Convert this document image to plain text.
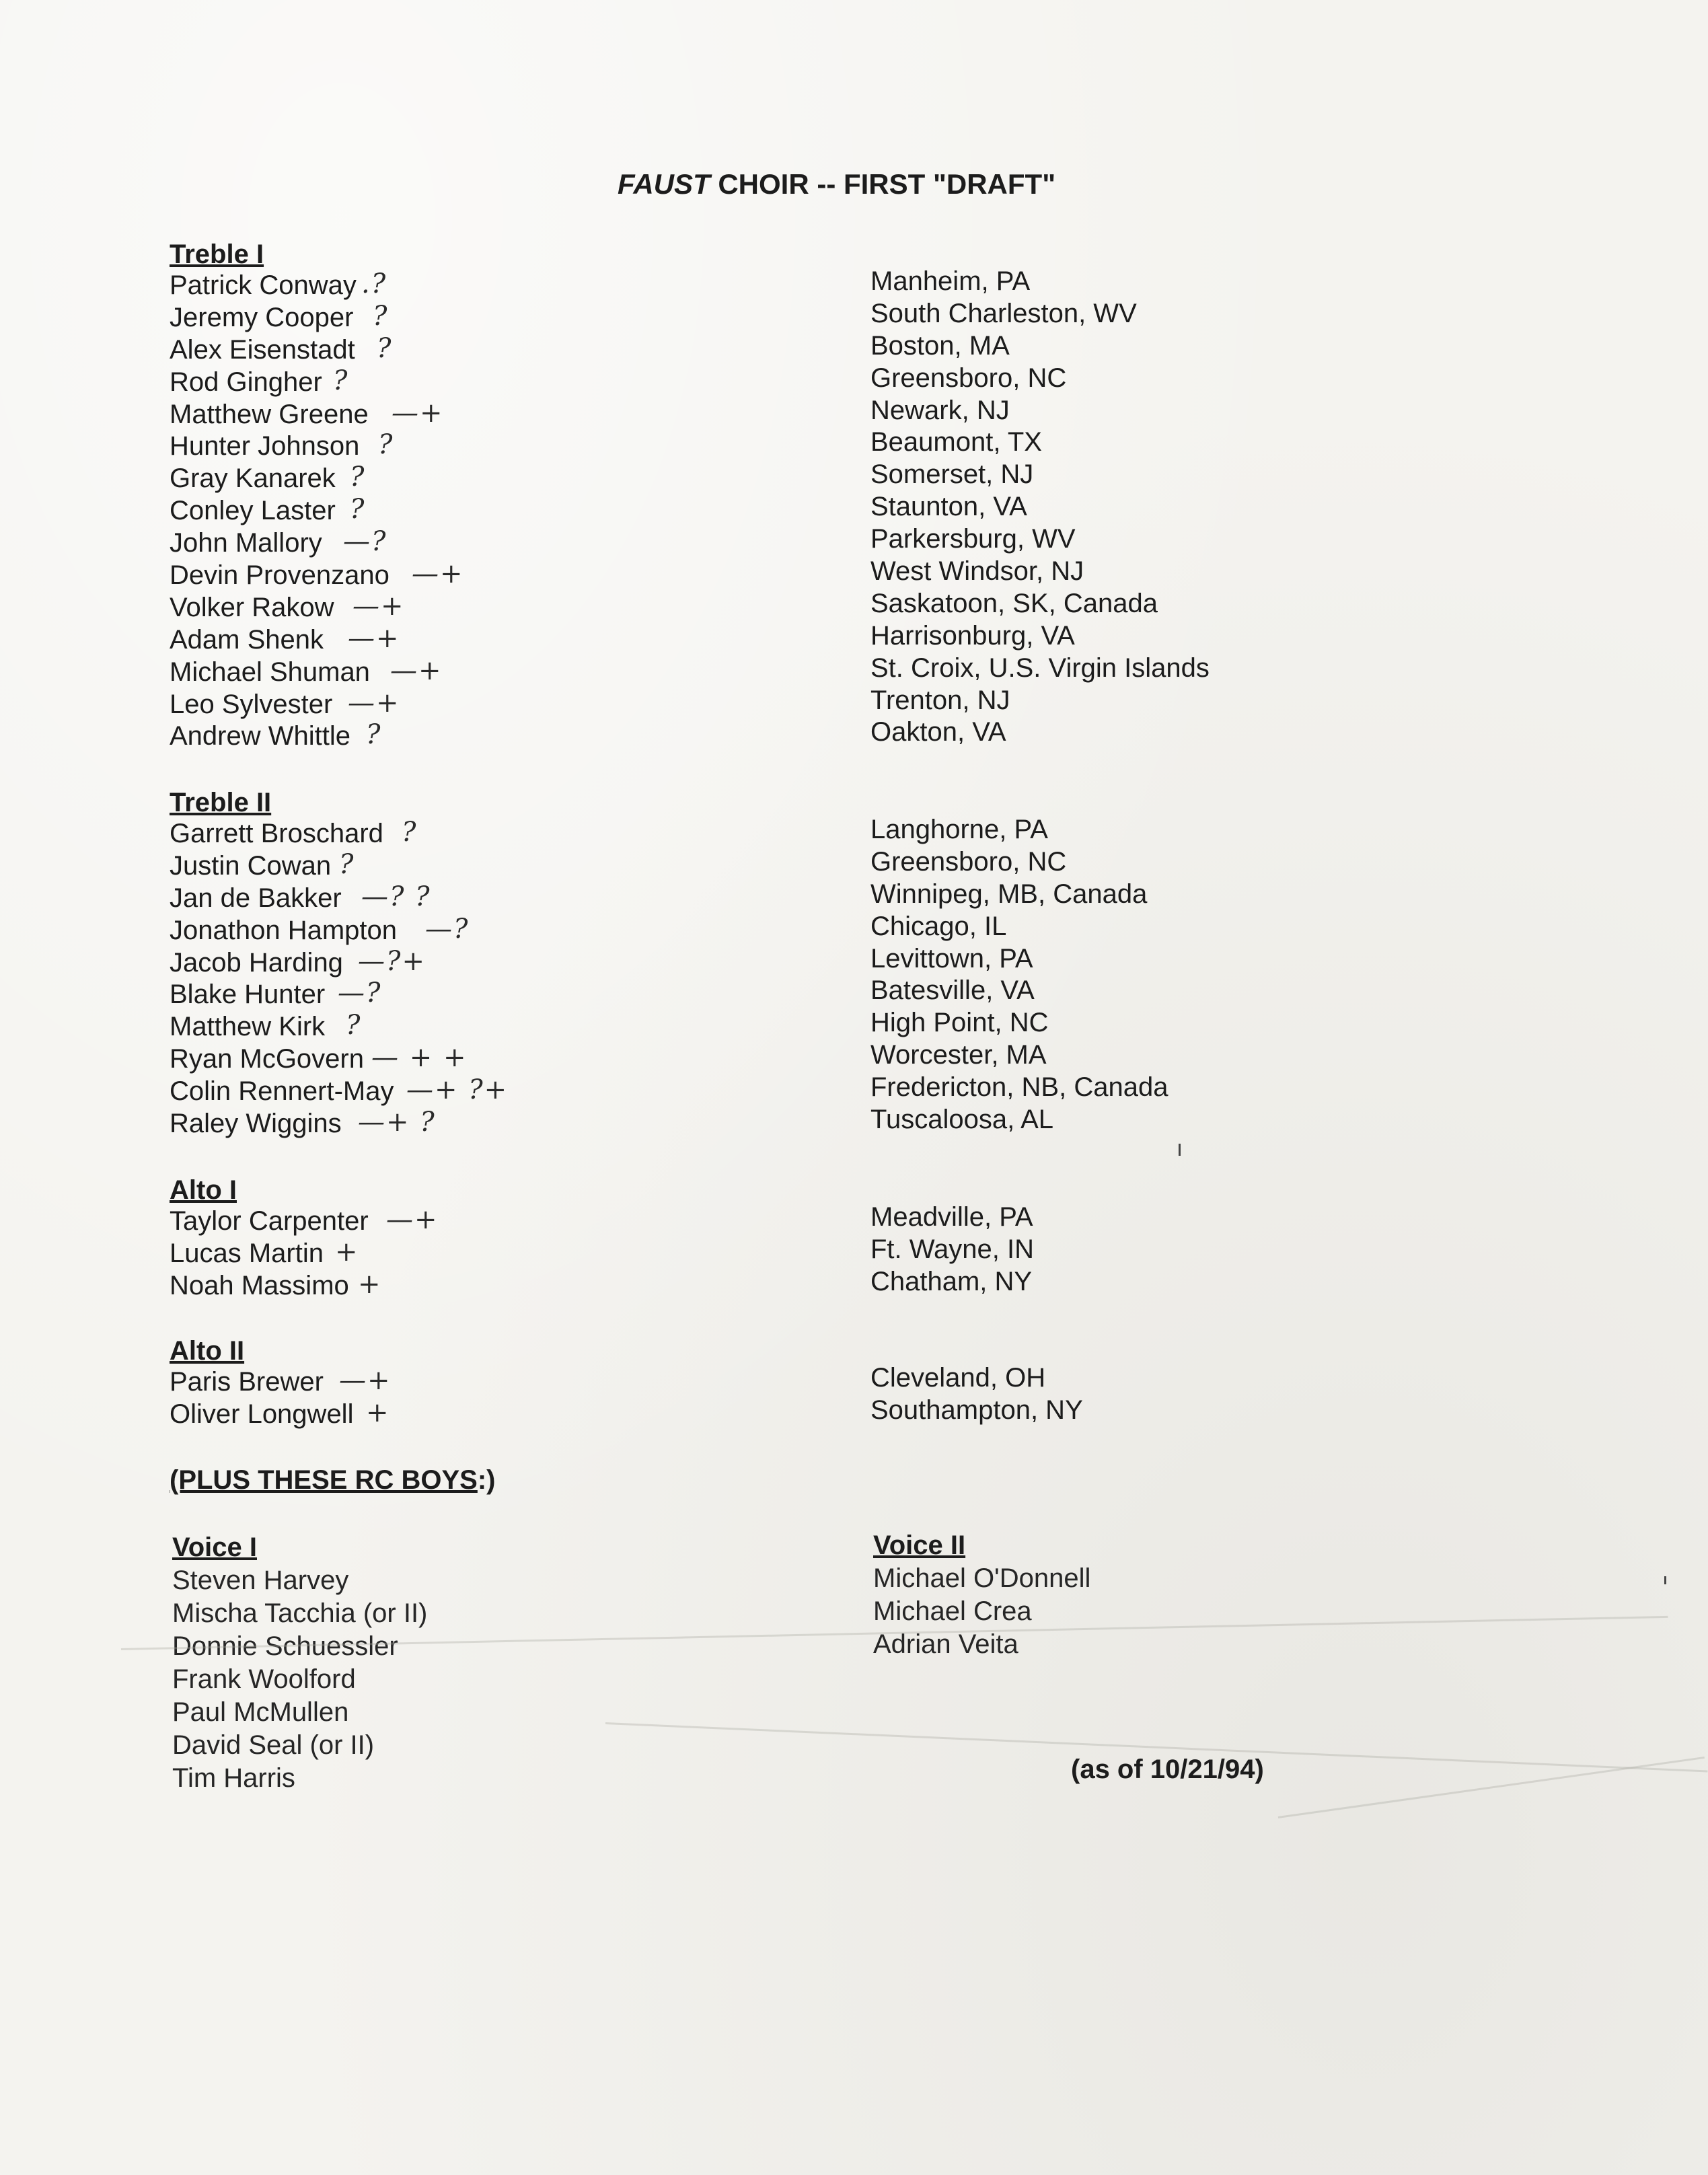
FAUST CHOIR -- FIRST "DRAFT"
Treble I
Patrick Conway .?	Manheim, PA
Jeremy Cooper ?	South Charleston, WV
Alex Eisenstadt ?	Boston, MA
Rod Gingher ?	Greensboro, NC
Matthew Greene —+	Newark, NJ
Hunter Johnson ?	Beaumont, TX
Gray Kanarek ?	Somerset, NJ
Conley Laster ?	Staunton, VA
John Mallory —?	Parkersburg, WV
Devin Provenzano —+	West Windsor, NJ
Volker Rakow —+	Saskatoon, SK, Canada
Adam Shenk —+	Harrisonburg, VA
Michael Shuman —+	St. Croix, U.S. Virgin Islands
Leo Sylvester —+	Trenton, NJ
Andrew Whittle ?	Oakton, VA
Treble II
Garrett Broschard ?	Langhorne, PA
Justin Cowan ?	Greensboro, NC
Jan de Bakker —? ?	Winnipeg, MB, Canada
Jonathon Hampton —?	Chicago, IL
Jacob Harding —?+	Levittown, PA
Blake Hunter —?	Batesville, VA
Matthew Kirk ?	High Point, NC
Ryan McGovern — + +	Worcester, MA
Colin Rennert-May —+ ?+	Fredericton, NB, Canada
Raley Wiggins —+ ?	Tuscaloosa, AL
Alto I
Taylor Carpenter —+	Meadville, PA
Lucas Martin +	Ft. Wayne, IN
Noah Massimo +	Chatham, NY
Alto II
Paris Brewer —+	Cleveland, OH
Oliver Longwell +	Southampton, NY
(PLUS THESE RC BOYS:)
Voice I
Steven Harvey
Mischa Tacchia (or II)
Donnie Schuessler
Frank Woolford
Paul McMullen
David Seal (or II)
Tim Harris
Voice II
Michael O'Donnell
Michael Crea
Adrian Veita
(as of 10/21/94)
